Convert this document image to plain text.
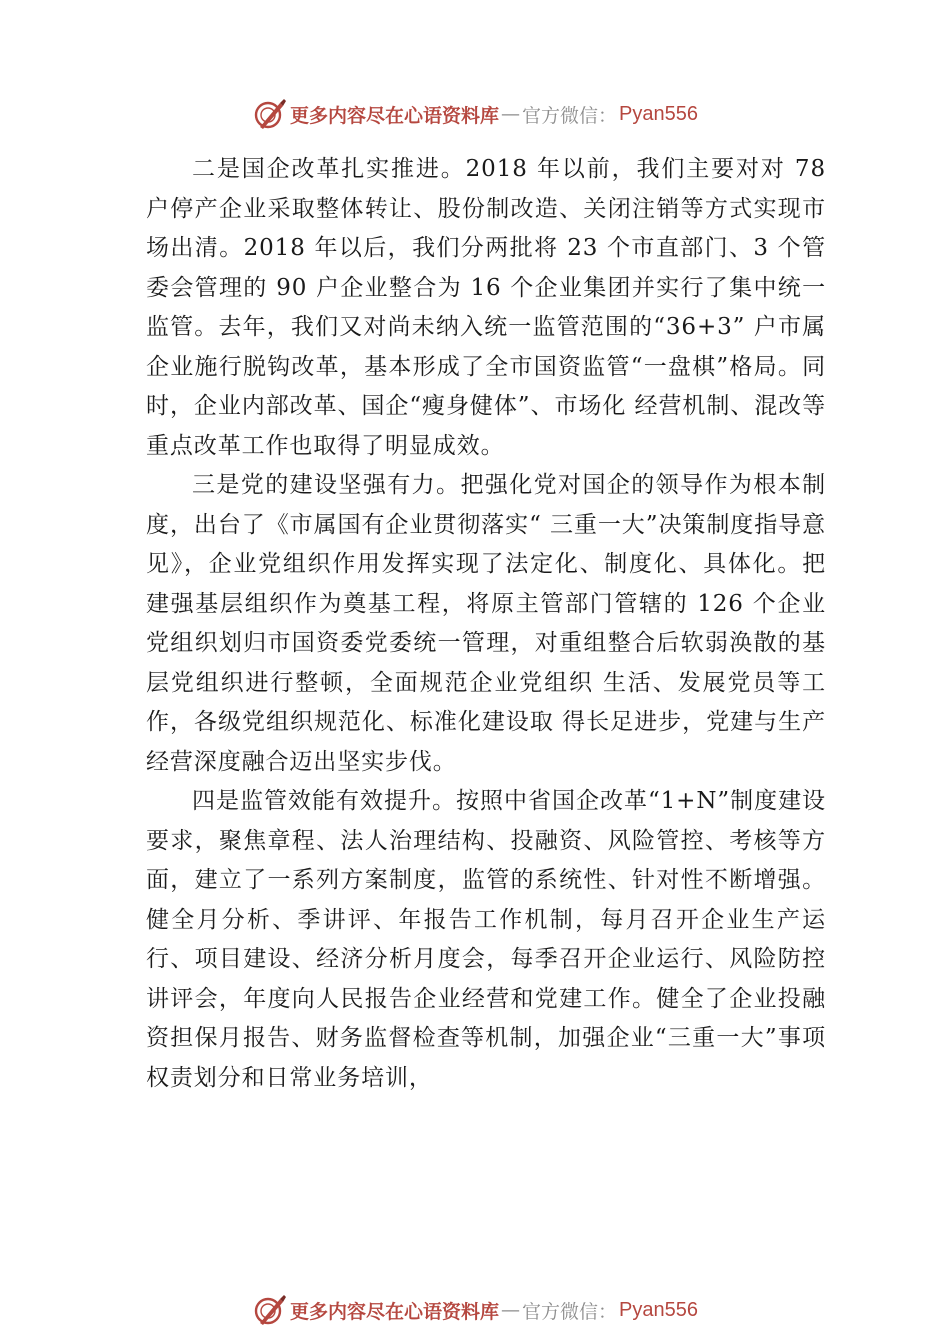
更多内容尽在心语资料库 — 官方微信： Pyan556

二是国企改革扎实推进。2018 年以前，我们主要对对 78 户停产企业采取整体转让、股份制改造、关闭注销等方式实现市场出清。2018 年以后，我们分两批将 23 个市直部门、3 个管委会管理的 90 户企业整合为 16 个企业集团并实行了集中统一监管。去年，我们又对尚未纳入统一监管范围的“36+3” 户市属企业施行脱钩改革，基本形成了全市国资监管“一盘棋”格局。同时，企业内部改革、国企“瘦身健体”、市场化 经营机制、混改等重点改革工作也取得了明显成效。

三是党的建设坚强有力。把强化党对国企的领导作为根本制度，出台了《市属国有企业贯彻落实“ 三重一大”决策制度指导意见》，企业党组织作用发挥实现了法定化、制度化、具体化。把建强基层组织作为奠基工程，将原主管部门管辖的 126 个企业党组织划归市国资委党委统一管理，对重组整合后软弱涣散的基层党组织进行整顿，全面规范企业党组织 生活、发展党员等工作，各级党组织规范化、标准化建设取 得长足进步，党建与生产经营深度融合迈出坚实步伐。

四是监管效能有效提升。按照中省国企改革“1+N”制度建设要求，聚焦章程、法人治理结构、投融资、风险管控、考核等方面，建立了一系列方案制度，监管的系统性、针对性不断增强。健全月分析、季讲评、年报告工作机制，每月召开企业生产运行、项目建设、经济分析月度会，每季召开企业运行、风险防控讲评会，年度向人民报告企业经营和党建工作。健全了企业投融资担保月报告、财务监督检查等机制，加强企业“三重一大”事项权责划分和日常业务培训，

更多内容尽在心语资料库 — 官方微信： Pyan556
